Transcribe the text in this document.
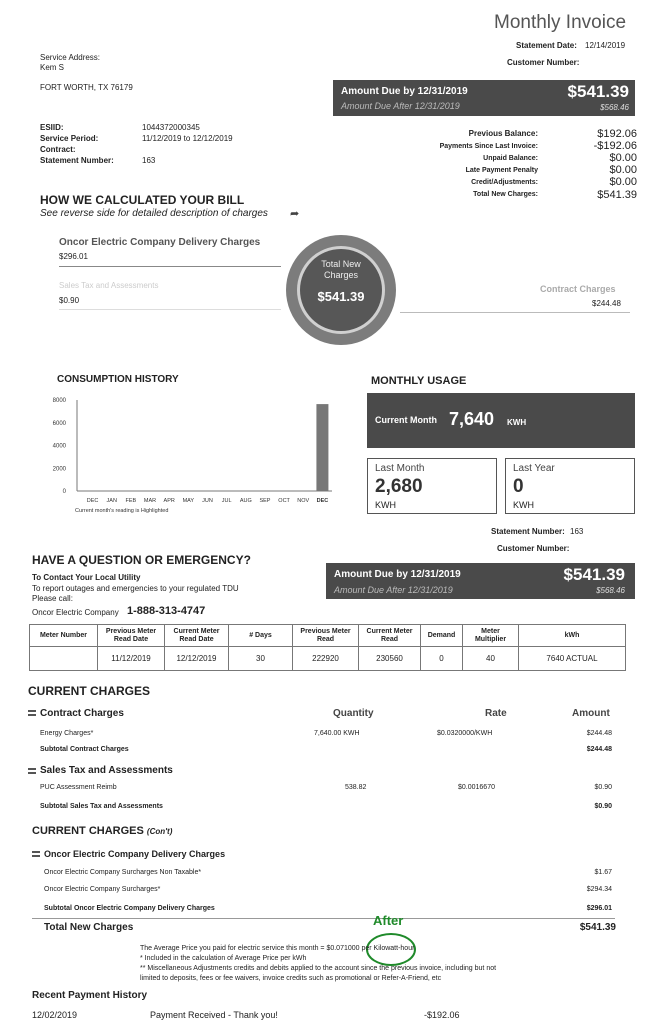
Monthly Invoice
Statement Date: 12/14/2019
Customer Number:
Service Address:
Kem S
FORT WORTH, TX 76179	Amount Due by 12/31/2019
Amount Due After 12/31/2019
$541.39
$568.46
ESIID:	1044372000345
Service Period:	11/12/2019 to 12/12/2019
Contract:
Statement Number:	163
Previous Balance:	$192.06
Payments Since Last Invoice:	-$192.06
Unpaid Balance:	$0.00
Late Payment Penalty	$0.00
Credit/Adjustments:	$0.00
Total New Charges:	$541.39
HOW WE CALCULATED YOUR BILL
See reverse side for detailed description of charges ➦
Oncor Electric Company Delivery Charges
$296.01
Sales Tax and Assessments
$0.90
Contract Charges
$244.48
Total New Charges
$541.39
CONSUMPTION HISTORY
8000
6000
4000
2000
0
DEC JAN FEB MAR APR MAY JUN JUL AUG SEP OCT NOV DEC
Current month's reading is Highlighted
MONTHLY USAGE
Current Month 7,640 KWH
Last Month
2,680
KWH
Last Year
0
KWH
Statement Number: 163
Customer Number:
HAVE A QUESTION OR EMERGENCY?
To Contact Your Local Utility
To report outages and emergencies to your regulated TDU
Please call:
Oncor Electric Company 1-888-313-4747
Amount Due by 12/31/2019
Amount Due After 12/31/2019
$541.39
$568.46
Meter Number	Previous Meter Read Date	Current Meter Read Date	# Days	Previous Meter Read	Current Meter Read	Demand	Meter Multiplier	kWh
	11/12/2019	12/12/2019	30	222920	230560	0	40	7640 ACTUAL
CURRENT CHARGES
Contract Charges	Quantity	Rate	Amount
Energy Charges*	7,640.00 KWH	$0.0320000/KWH	$244.48
Subtotal Contract Charges	$244.48
Sales Tax and Assessments
PUC Assessment Reimb	538.82	$0.0016670	$0.90
Subtotal Sales Tax and Assessments	$0.90
CURRENT CHARGES (Con't)
Oncor Electric Company Delivery Charges
Oncor Electric Company Surcharges Non Taxable*	$1.67
Oncor Electric Company Surcharges*	$294.34
Subtotal Oncor Electric Company Delivery Charges	$296.01
Total New Charges	$541.39
After
The Average Price you paid for electric service this month = $0.071000 per Kilowatt-hour
* Included in the calculation of Average Price per kWh
** Miscellaneous Adjustments credits and debits applied to the account since the previous invoice, including but not
limited to deposits, fees or fee waivers, invoice credits such as promotional or Refer-A-Friend, etc
Recent Payment History
12/02/2019	Payment Received - Thank you!	-$192.06
